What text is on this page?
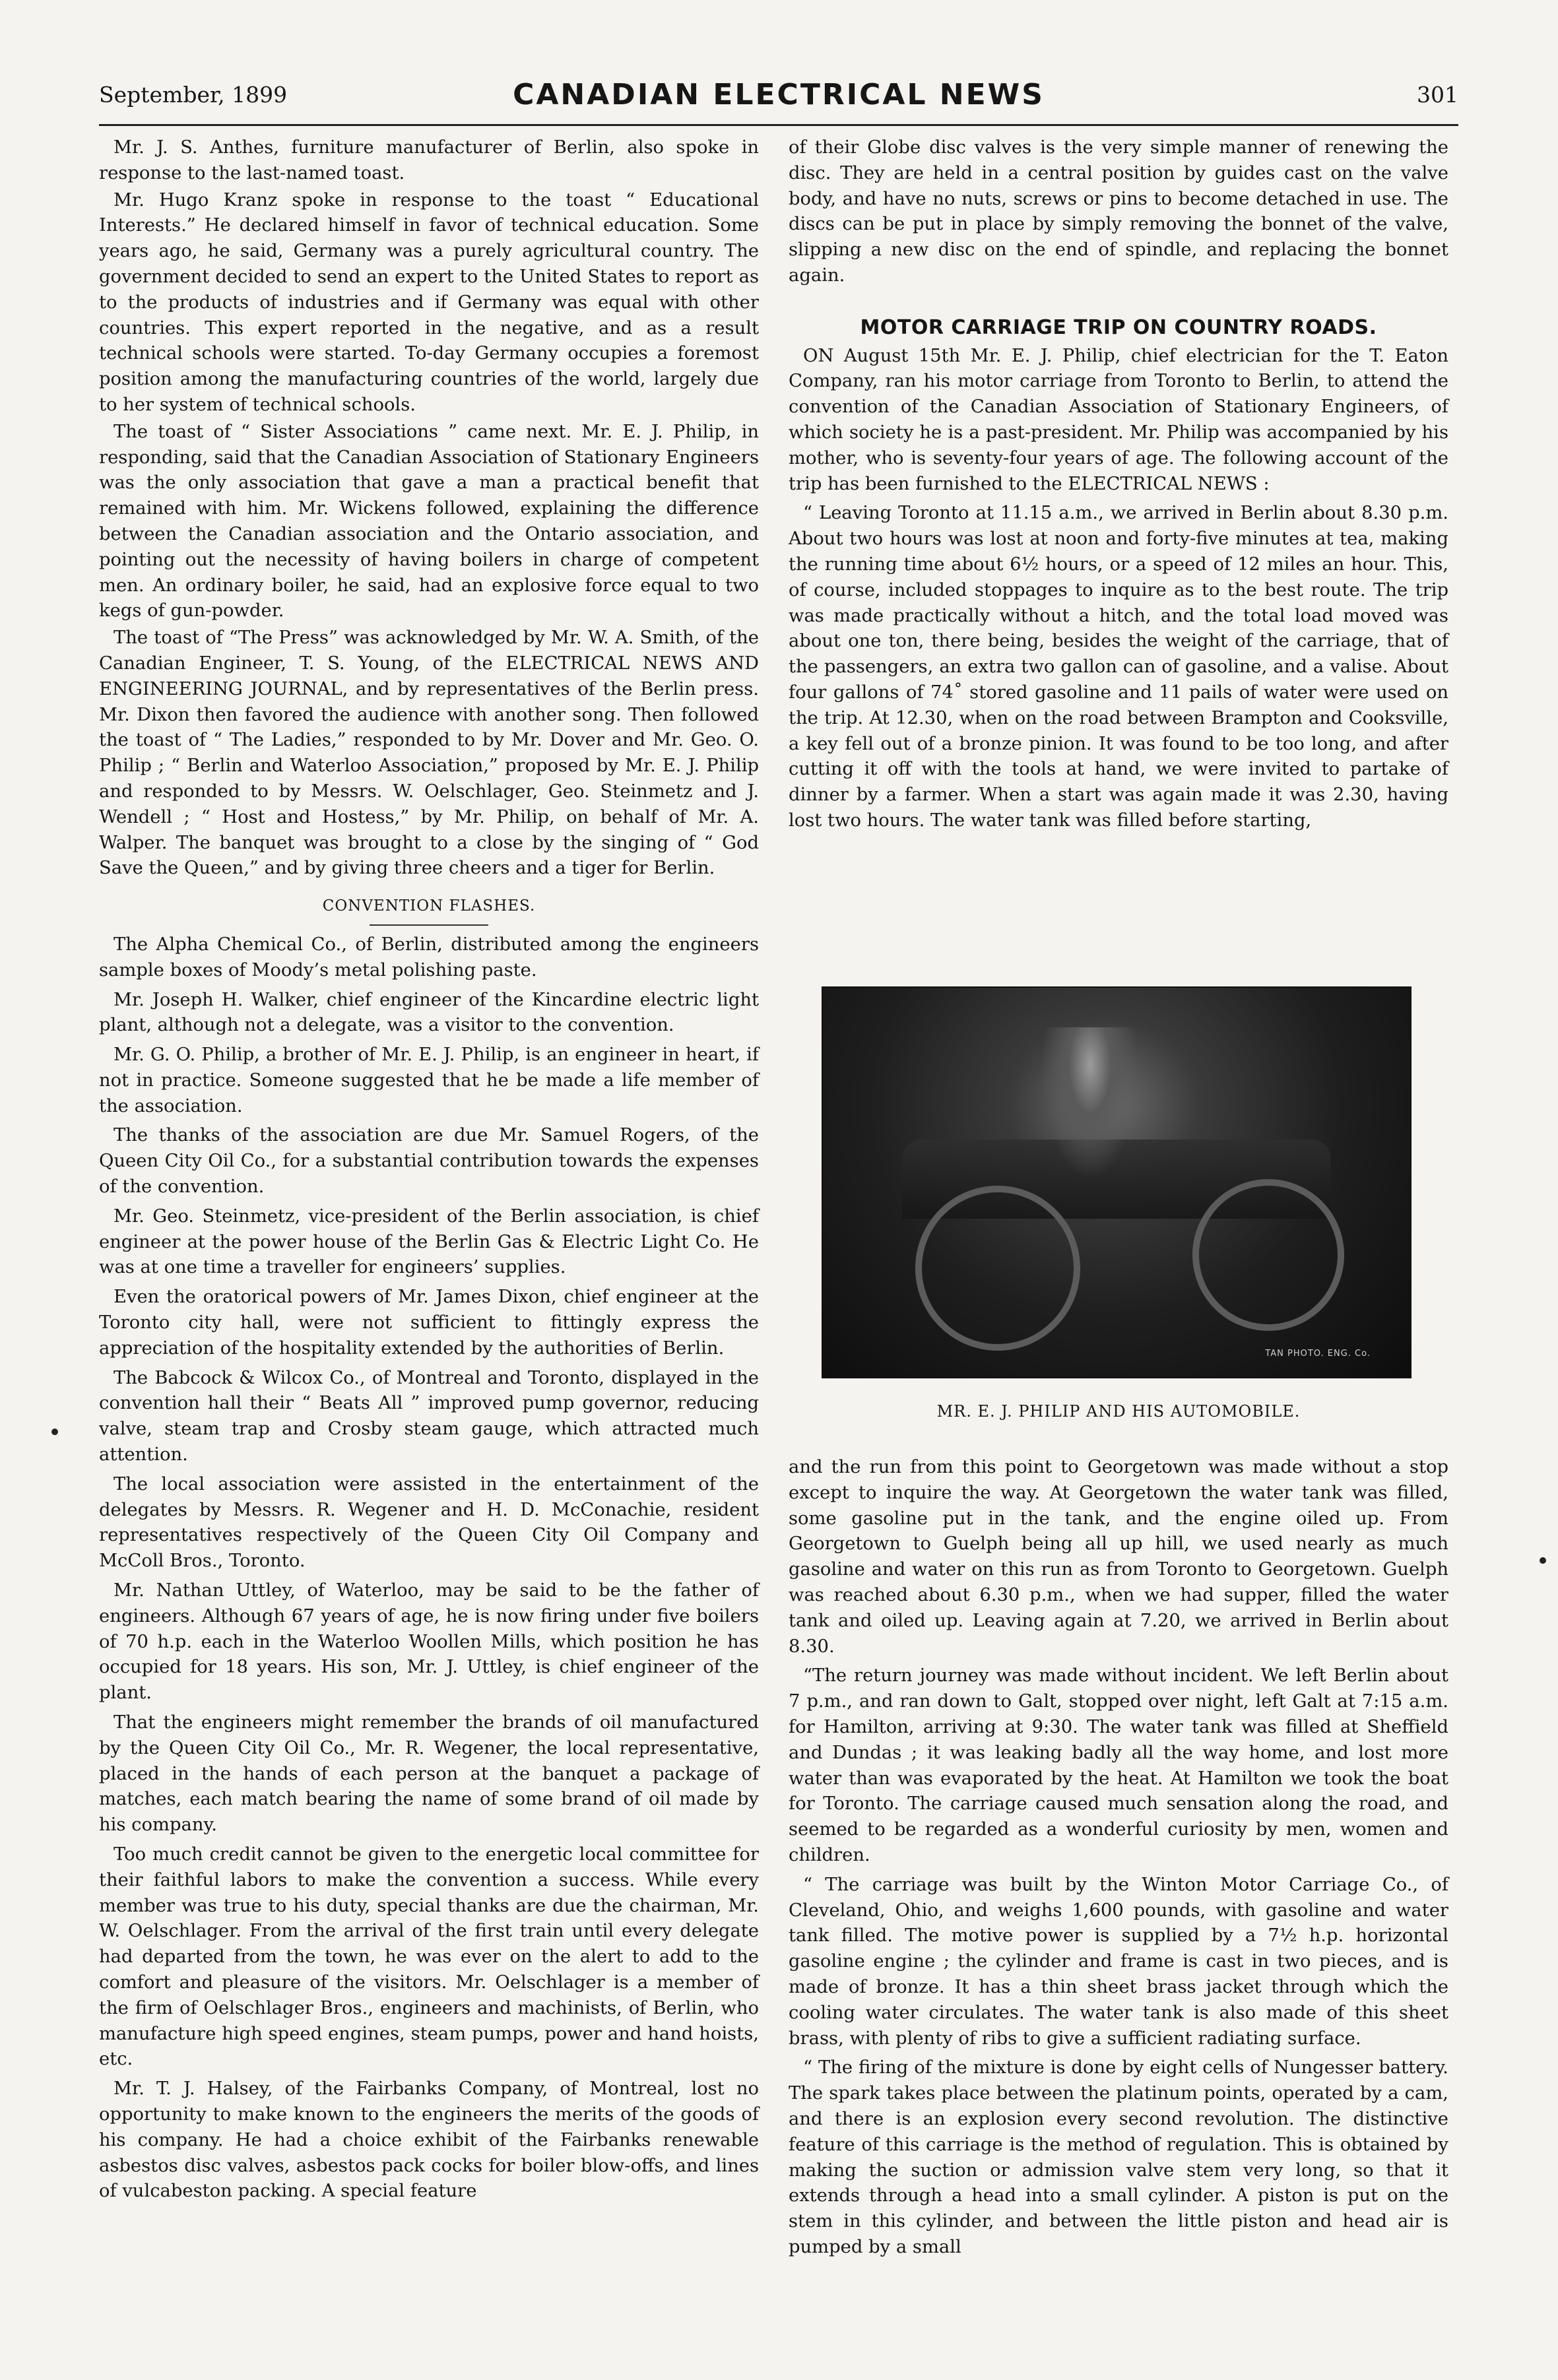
September, 1899	CANADIAN ELECTRICAL NEWS	301

Mr. J. S. Anthes, furniture manufacturer of Berlin, also spoke in response to the last-named toast.

Mr. Hugo Kranz spoke in response to the toast “ Educational Interests.” He declared himself in favor of technical education. Some years ago, he said, Germany was a purely agricultural country. The government decided to send an expert to the United States to report as to the products of industries and if Germany was equal with other countries. This expert reported in the negative, and as a result technical schools were started. To-day Germany occupies a foremost position among the manufacturing countries of the world, largely due to her system of technical schools.

The toast of “ Sister Associations ” came next. Mr. E. J. Philip, in responding, said that the Canadian Association of Stationary Engineers was the only association that gave a man a practical benefit that remained with him. Mr. Wickens followed, explaining the difference between the Canadian association and the Ontario association, and pointing out the necessity of having boilers in charge of competent men. An ordinary boiler, he said, had an explosive force equal to two kegs of gun-powder.

The toast of “The Press” was acknowledged by Mr. W. A. Smith, of the Canadian Engineer, T. S. Young, of the ELECTRICAL NEWS AND ENGINEERING JOURNAL, and by representatives of the Berlin press. Mr. Dixon then favored the audience with another song. Then followed the toast of “ The Ladies,” responded to by Mr. Dover and Mr. Geo. O. Philip ; “ Berlin and Waterloo Association,” proposed by Mr. E. J. Philip and responded to by Messrs. W. Oelschlager, Geo. Steinmetz and J. Wendell ; “ Host and Hostess,” by Mr. Philip, on behalf of Mr. A. Walper. The banquet was brought to a close by the singing of “ God Save the Queen,” and by giving three cheers and a tiger for Berlin.

CONVENTION FLASHES.

The Alpha Chemical Co., of Berlin, distributed among the engineers sample boxes of Moody’s metal polishing paste.

Mr. Joseph H. Walker, chief engineer of the Kincardine electric light plant, although not a delegate, was a visitor to the convention.

Mr. G. O. Philip, a brother of Mr. E. J. Philip, is an engineer in heart, if not in practice. Someone suggested that he be made a life member of the association.

The thanks of the association are due Mr. Samuel Rogers, of the Queen City Oil Co., for a substantial contribution towards the expenses of the convention.

Mr. Geo. Steinmetz, vice-president of the Berlin association, is chief engineer at the power house of the Berlin Gas & Electric Light Co. He was at one time a traveller for engineers’ supplies.

Even the oratorical powers of Mr. James Dixon, chief engineer at the Toronto city hall, were not sufficient to fittingly express the appreciation of the hospitality extended by the authorities of Berlin.

The Babcock & Wilcox Co., of Montreal and Toronto, displayed in the convention hall their “ Beats All ” improved pump governor, reducing valve, steam trap and Crosby steam gauge, which attracted much attention.

The local association were assisted in the entertainment of the delegates by Messrs. R. Wegener and H. D. McConachie, resident representatives respectively of the Queen City Oil Company and McColl Bros., Toronto.

Mr. Nathan Uttley, of Waterloo, may be said to be the father of engineers. Although 67 years of age, he is now firing under five boilers of 70 h.p. each in the Waterloo Woollen Mills, which position he has occupied for 18 years. His son, Mr. J. Uttley, is chief engineer of the plant.

That the engineers might remember the brands of oil manufactured by the Queen City Oil Co., Mr. R. Wegener, the local representative, placed in the hands of each person at the banquet a package of matches, each match bearing the name of some brand of oil made by his company.

Too much credit cannot be given to the energetic local committee for their faithful labors to make the convention a success. While every member was true to his duty, special thanks are due the chairman, Mr. W. Oelschlager. From the arrival of the first train until every delegate had departed from the town, he was ever on the alert to add to the comfort and pleasure of the visitors. Mr. Oelschlager is a member of the firm of Oelschlager Bros., engineers and machinists, of Berlin, who manufacture high speed engines, steam pumps, power and hand hoists, etc.

Mr. T. J. Halsey, of the Fairbanks Company, of Montreal, lost no opportunity to make known to the engineers the merits of the goods of his company. He had a choice exhibit of the Fairbanks renewable asbestos disc valves, asbestos pack cocks for boiler blow-offs, and lines of vulcabeston packing. A special feature

of their Globe disc valves is the very simple manner of renewing the disc. They are held in a central position by guides cast on the valve body, and have no nuts, screws or pins to become detached in use. The discs can be put in place by simply removing the bonnet of the valve, slipping a new disc on the end of spindle, and replacing the bonnet again.

MOTOR CARRIAGE TRIP ON COUNTRY ROADS.

ON August 15th Mr. E. J. Philip, chief electrician for the T. Eaton Company, ran his motor carriage from Toronto to Berlin, to attend the convention of the Canadian Association of Stationary Engineers, of which society he is a past-president. Mr. Philip was accompanied by his mother, who is seventy-four years of age. The following account of the trip has been furnished to the ELECTRICAL NEWS :

“ Leaving Toronto at 11.15 a.m., we arrived in Berlin about 8.30 p.m. About two hours was lost at noon and forty-five minutes at tea, making the running time about 6½ hours, or a speed of 12 miles an hour. This, of course, included stoppages to inquire as to the best route. The trip was made practically without a hitch, and the total load moved was about one ton, there being, besides the weight of the carriage, that of the passengers, an extra two gallon can of gasoline, and a valise. About four gallons of 74˚ stored gasoline and 11 pails of water were used on the trip. At 12.30, when on the road between Brampton and Cooksville, a key fell out of a bronze pinion. It was found to be too long, and after cutting it off with the tools at hand, we were invited to partake of dinner by a farmer. When a start was again made it was 2.30, having lost two hours. The water tank was filled before starting,

TAN PHOTO. ENG. Co.
MR. E. J. PHILIP AND HIS AUTOMOBILE.

and the run from this point to Georgetown was made without a stop except to inquire the way. At Georgetown the water tank was filled, some gasoline put in the tank, and the engine oiled up. From Georgetown to Guelph being all up hill, we used nearly as much gasoline and water on this run as from Toronto to Georgetown. Guelph was reached about 6.30 p.m., when we had supper, filled the water tank and oiled up. Leaving again at 7.20, we arrived in Berlin about 8.30.

“The return journey was made without incident. We left Berlin about 7 p.m., and ran down to Galt, stopped over night, left Galt at 7:15 a.m. for Hamilton, arriving at 9:30. The water tank was filled at Sheffield and Dundas ; it was leaking badly all the way home, and lost more water than was evaporated by the heat. At Hamilton we took the boat for Toronto. The carriage caused much sensation along the road, and seemed to be regarded as a wonderful curiosity by men, women and children.

“ The carriage was built by the Winton Motor Carriage Co., of Cleveland, Ohio, and weighs 1,600 pounds, with gasoline and water tank filled. The motive power is supplied by a 7½ h.p. horizontal gasoline engine ; the cylinder and frame is cast in two pieces, and is made of bronze. It has a thin sheet brass jacket through which the cooling water circulates. The water tank is also made of this sheet brass, with plenty of ribs to give a sufficient radiating surface.

“ The firing of the mixture is done by eight cells of Nungesser battery. The spark takes place between the platinum points, operated by a cam, and there is an explosion every second revolution. The distinctive feature of this carriage is the method of regulation. This is obtained by making the suction or admission valve stem very long, so that it extends through a head into a small cylinder. A piston is put on the stem in this cylinder, and between the little piston and head air is pumped by a small
